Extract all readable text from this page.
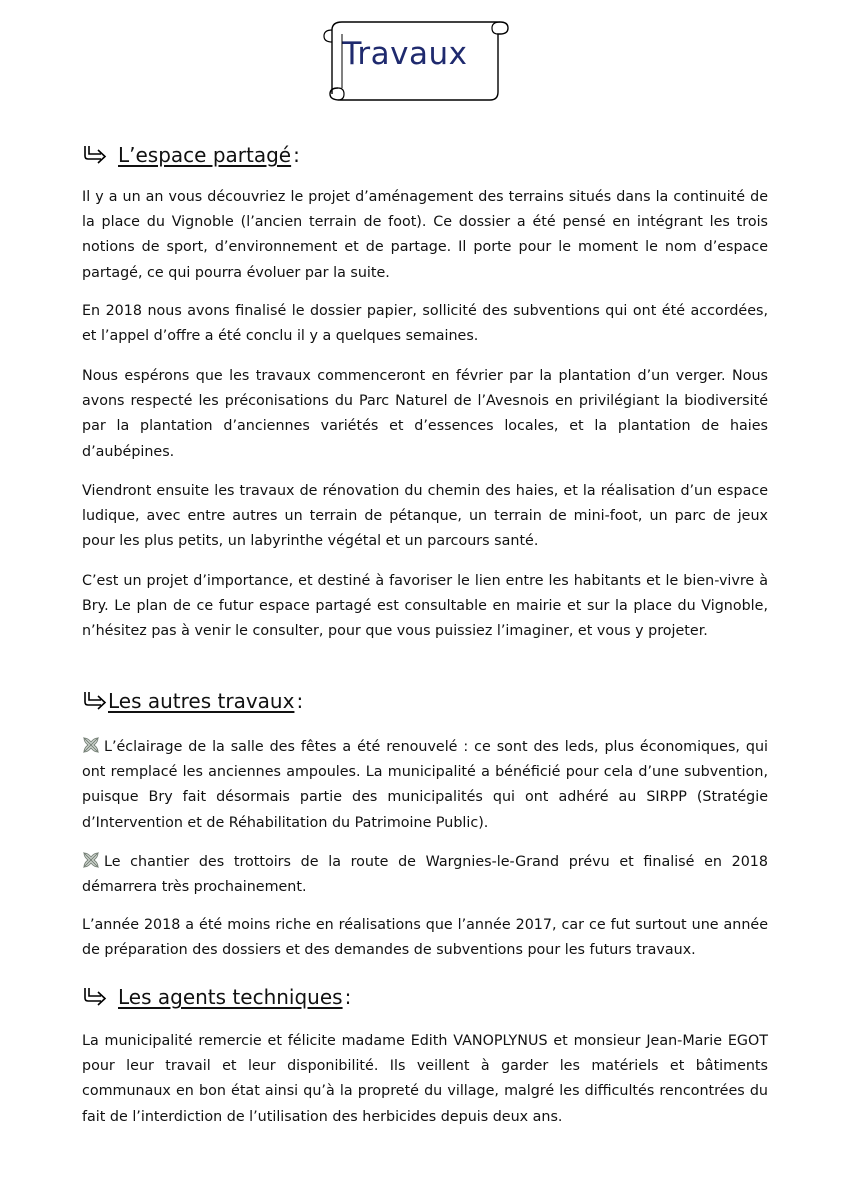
Travaux
L’espace partagé :
Il y a un an vous découvriez le projet d’aménagement des terrains situés dans la continuité de la place du Vignoble (l’ancien terrain de foot). Ce dossier a été pensé en intégrant les trois notions de sport, d’environnement et de partage. Il porte pour le moment le nom d’espace partagé, ce qui pourra évoluer par la suite.
En 2018 nous avons finalisé le dossier papier, sollicité des subventions qui ont été accordées, et l’appel d’offre a été conclu il y a quelques semaines.
Nous espérons que les travaux commenceront en février par la plantation d’un verger. Nous avons respecté les préconisations du Parc Naturel de l’Avesnois en privilégiant la biodiversité par la plantation d’anciennes variétés et d’essences locales, et la plantation de haies d’aubépines.
Viendront ensuite les travaux de rénovation du chemin des haies, et la réalisation d’un espace ludique, avec entre autres un terrain de pétanque, un terrain de mini-foot, un parc de jeux pour les plus petits, un labyrinthe végétal et un parcours santé.
C’est un projet d’importance, et destiné à favoriser le lien entre les habitants et le bien-vivre à Bry. Le plan de ce futur espace partagé est consultable en mairie et sur la place du Vignoble, n’hésitez pas à venir le consulter, pour que vous puissiez l’imaginer, et vous y projeter.
Les autres travaux :
L’éclairage de la salle des fêtes a été renouvelé : ce sont des leds, plus économiques, qui ont remplacé les anciennes ampoules. La municipalité a bénéficié pour cela d’une subvention, puisque Bry fait désormais partie des municipalités qui ont adhéré au SIRPP (Stratégie d’Intervention et de Réhabilitation du Patrimoine Public).
Le chantier des trottoirs de la route de Wargnies-le-Grand prévu et finalisé en 2018 démarrera très prochainement.
L’année 2018 a été moins riche en réalisations que l’année 2017, car ce fut surtout une année de préparation des dossiers et des demandes de subventions pour les futurs travaux.
Les agents techniques :
La municipalité remercie et félicite madame Edith VANOPLYNUS et monsieur Jean-Marie EGOT pour leur travail et leur disponibilité. Ils veillent à garder les matériels et bâtiments communaux en bon état ainsi qu’à la propreté du village, malgré les difficultés rencontrées du fait de l’interdiction de l’utilisation des herbicides depuis deux ans.
